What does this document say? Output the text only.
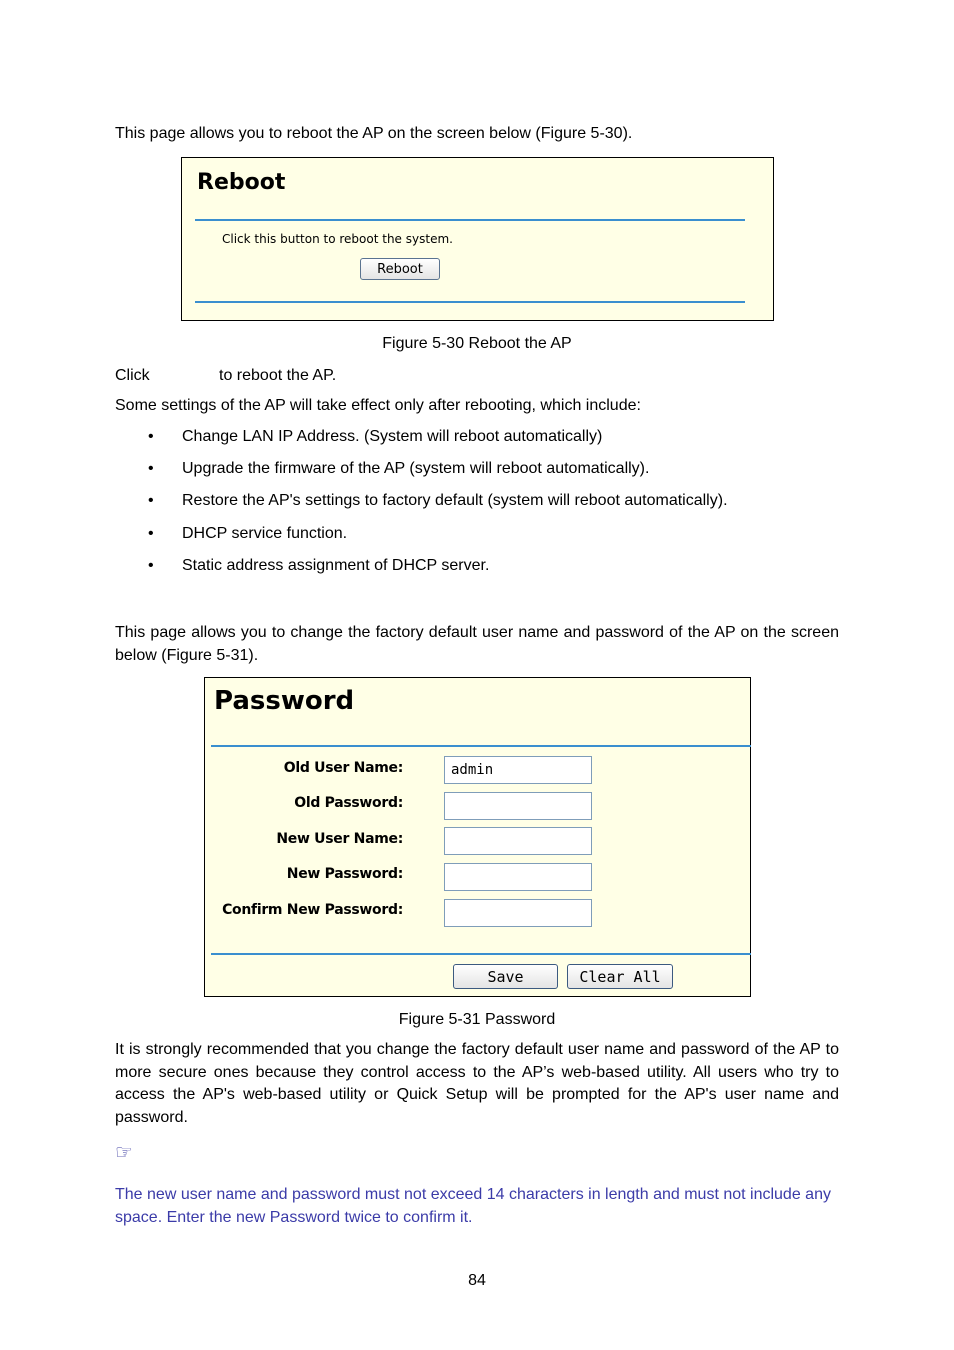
This page allows you to reboot the AP on the screen below (Figure 5-30).

Reboot
Click this button to reboot the system.
Reboot
Figure 5-30 Reboot the AP
Click	to reboot the AP.
Some settings of the AP will take effect only after rebooting, which include:
• Change LAN IP Address. (System will reboot automatically)
• Upgrade the firmware of the AP (system will reboot automatically).
• Restore the AP's settings to factory default (system will reboot automatically).
• DHCP service function.
• Static address assignment of DHCP server.

This page allows you to change the factory default user name and password of the AP on the screen below (Figure 5-31).

Password
Old User Name:
Old Password:
New User Name:
New Password:
Confirm New Password:
admin
Save	Clear All
Figure 5-31 Password

It is strongly recommended that you change the factory default user name and password of the AP to more secure ones because they control access to the AP’s web-based utility. All users who try to access the AP's web-based utility or Quick Setup will be prompted for the AP's user name and password.

☞

The new user name and password must not exceed 14 characters in length and must not include any space. Enter the new Password twice to confirm it.

84
